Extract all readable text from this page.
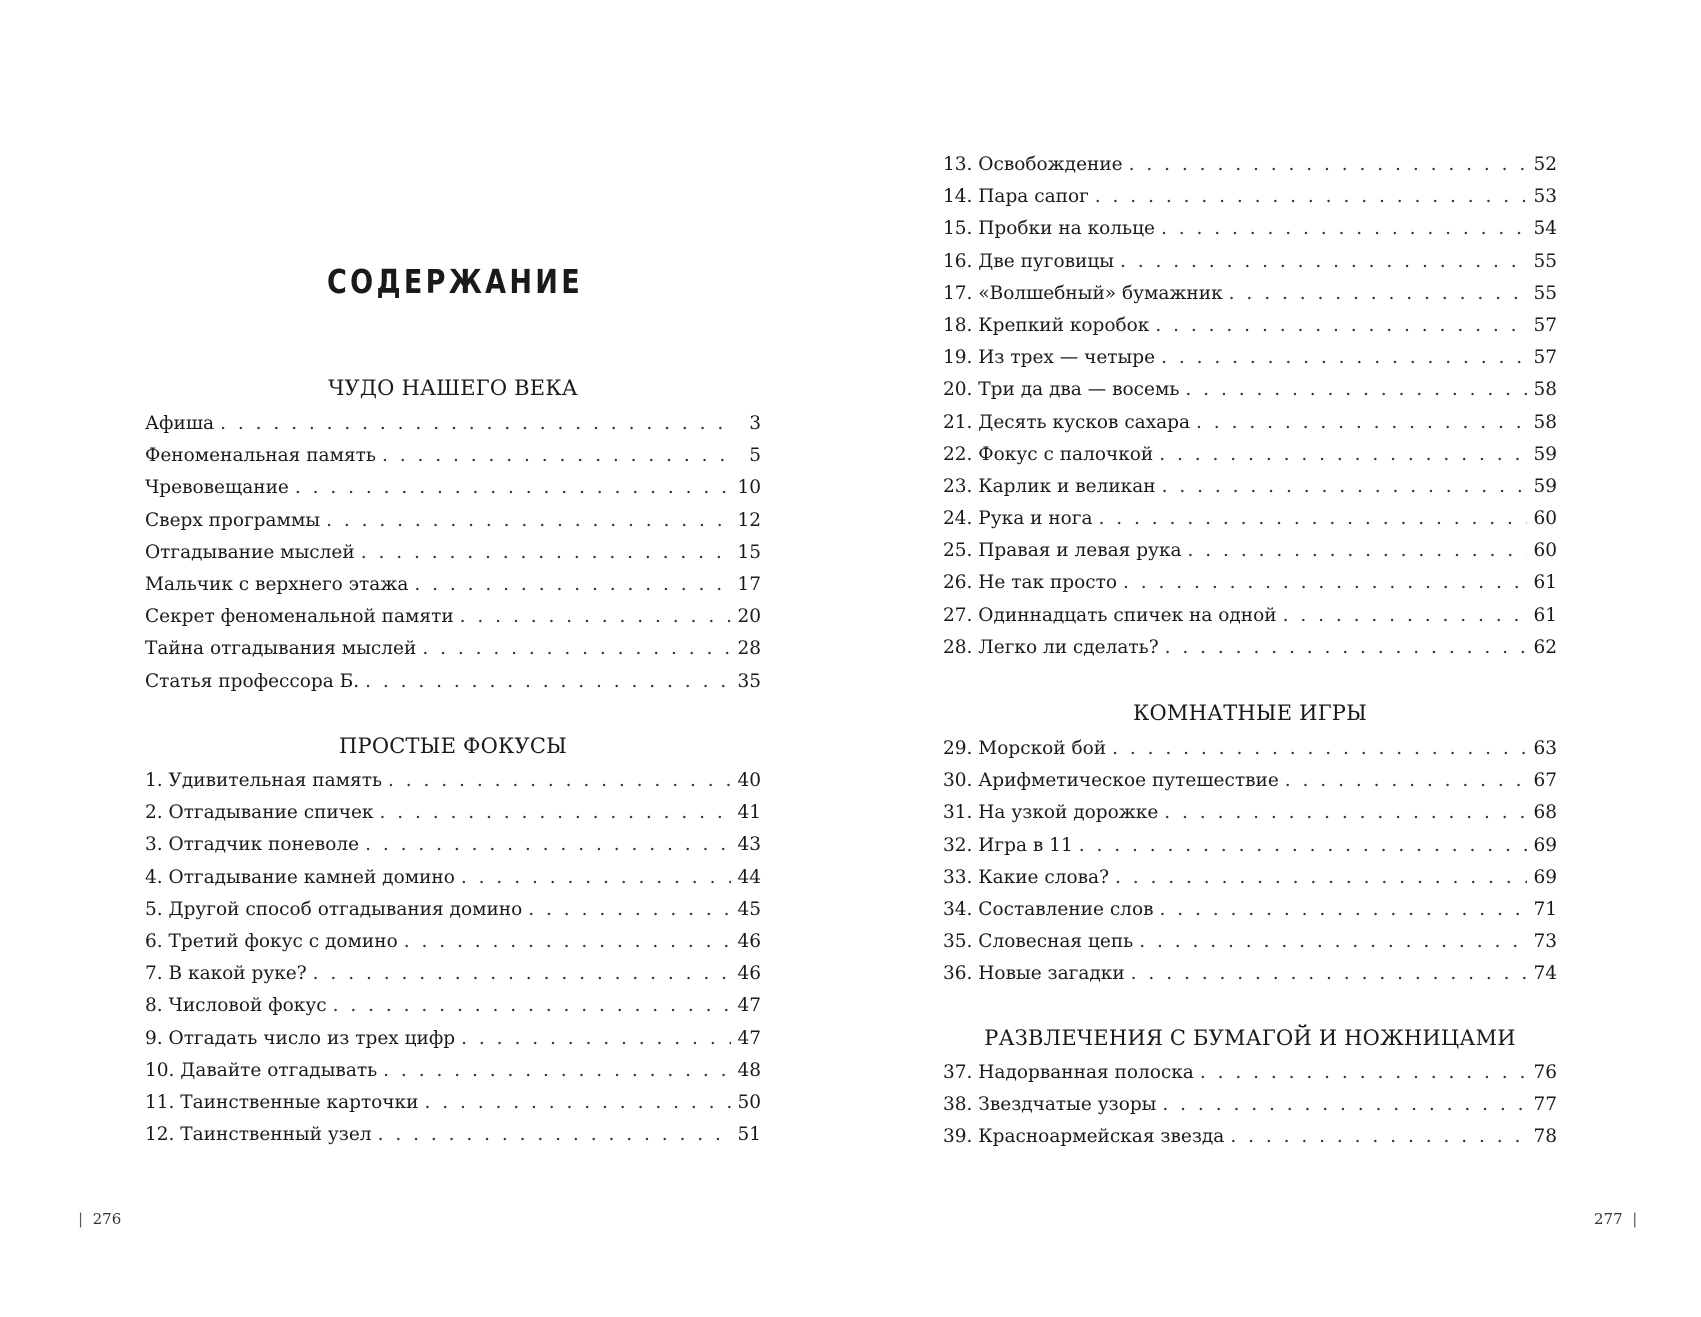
СОДЕРЖАНИЕ
ЧУДО НАШЕГО ВЕКА
Афиша . . .	3
Феноменальная память . . .	5
Чревовещание . . .	10
Сверх программы . . .	12
Отгадывание мыслей . . .	15
Мальчик с верхнего этажа . . .	17
Секрет феноменальной памяти . . .	20
Тайна отгадывания мыслей . . .	28
Статья профессора Б. . . .	35
ПРОСТЫЕ ФОКУСЫ
1. Удивительная память . . .	40
2. Отгадывание спичек . . .	41
3. Отгадчик поневоле . . .	43
4. Отгадывание камней домино . . .	44
5. Другой способ отгадывания домино . . .	45
6. Третий фокус с домино . . .	46
7. В какой руке? . . .	46
8. Числовой фокус . . .	47
9. Отгадать число из трех цифр . . .	47
10. Давайте отгадывать . . .	48
11. Таинственные карточки . . .	50
12. Таинственный узел . . .	51
| 276
13. Освобождение . . .	52
14. Пара сапог . . .	53
15. Пробки на кольце . . .	54
16. Две пуговицы . . .	55
17. «Волшебный» бумажник . . .	55
18. Крепкий коробок . . .	57
19. Из трех — четыре . . .	57
20. Три да два — восемь . . .	58
21. Десять кусков сахара . . .	58
22. Фокус с палочкой . . .	59
23. Карлик и великан . . .	59
24. Рука и нога . . .	60
25. Правая и левая рука . . .	60
26. Не так просто . . .	61
27. Одиннадцать спичек на одной . . .	61
28. Легко ли сделать? . . .	62
КОМНАТНЫЕ ИГРЫ
29. Морской бой . . .	63
30. Арифметическое путешествие . . .	67
31. На узкой дорожке . . .	68
32. Игра в 11 . . .	69
33. Какие слова? . . .	69
34. Составление слов . . .	71
35. Словесная цепь . . .	73
36. Новые загадки . . .	74
РАЗВЛЕЧЕНИЯ С БУМАГОЙ И НОЖНИЦАМИ
37. Надорванная полоска . . .	76
38. Звездчатые узоры . . .	77
39. Красноармейская звезда . . .	78
277 |
